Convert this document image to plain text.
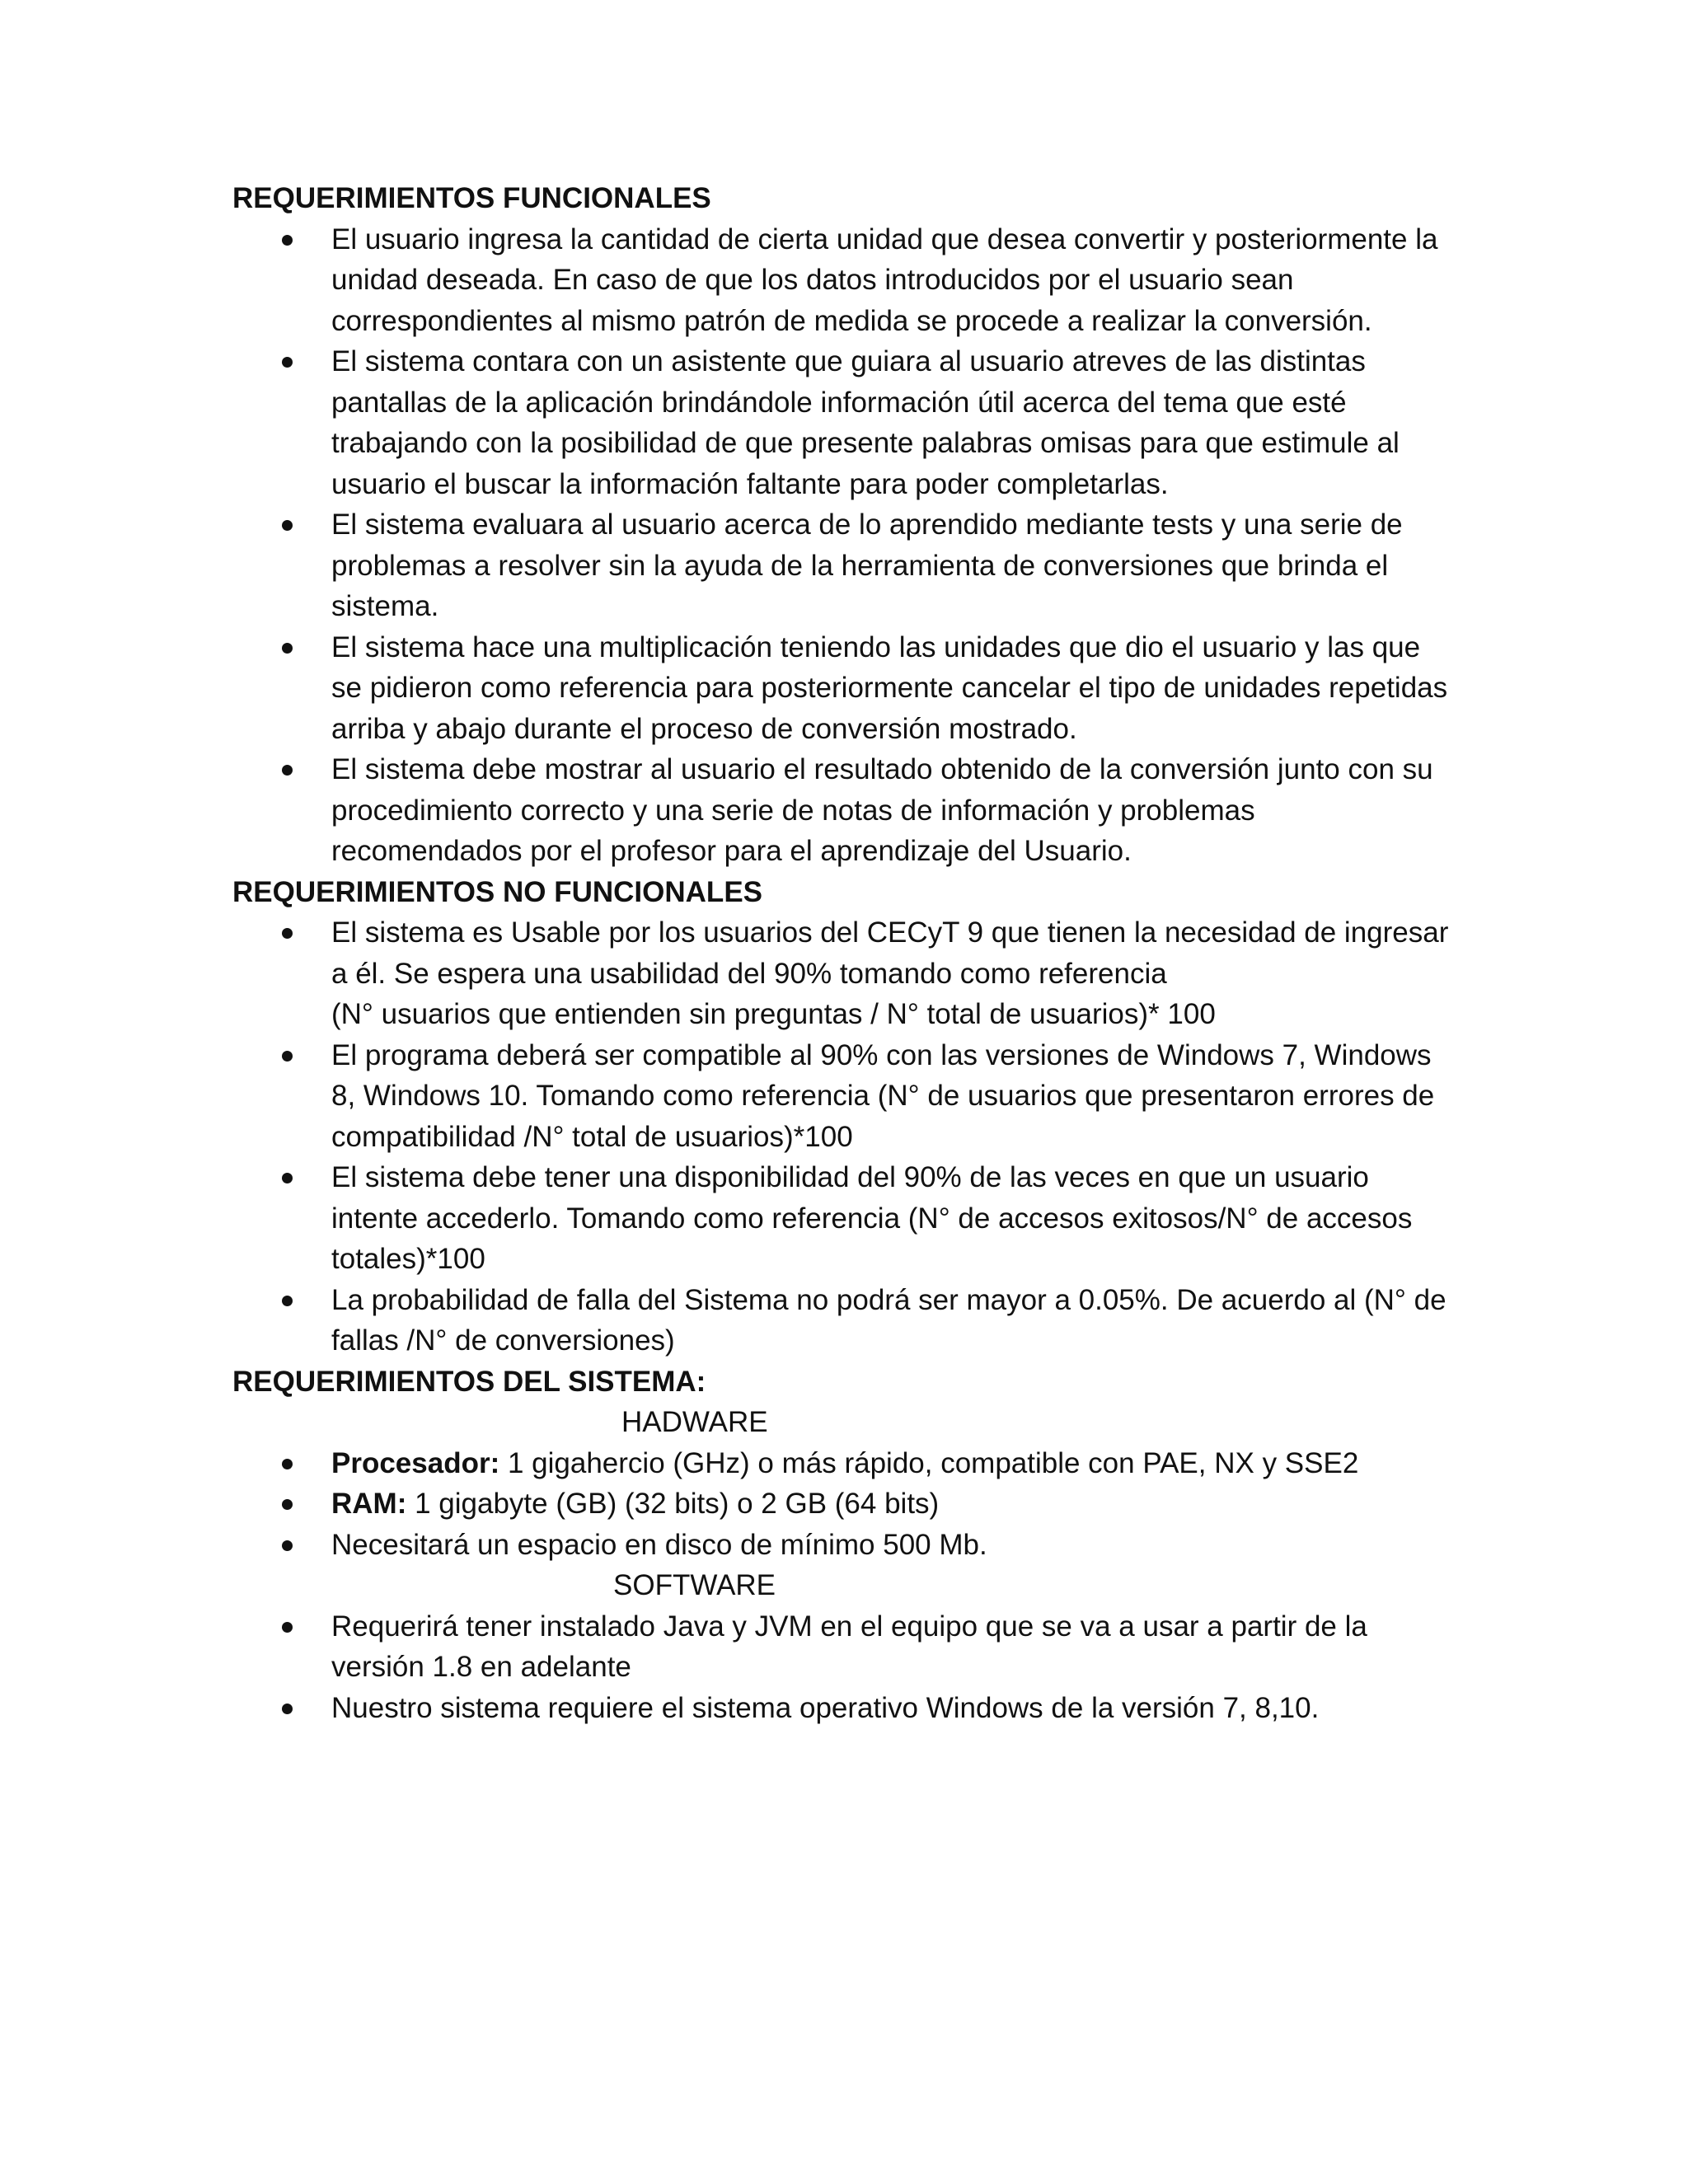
REQUERIMIENTOS FUNCIONALES

El usuario ingresa la cantidad de cierta unidad que desea convertir y posteriormente la unidad deseada. En caso de que los datos introducidos por el usuario sean correspondientes al mismo patrón de medida se procede a realizar la conversión.
El sistema contara con un asistente que guiara al usuario atreves de las distintas pantallas de la aplicación brindándole información útil acerca del tema que esté trabajando con la posibilidad de que presente palabras omisas para que estimule al usuario el buscar la información faltante para poder completarlas.
El sistema evaluara al usuario acerca de lo aprendido mediante tests y una serie de problemas a resolver sin la ayuda de la herramienta de conversiones que brinda el sistema.
El sistema hace una multiplicación teniendo las unidades que dio el usuario y las que se pidieron como referencia para posteriormente cancelar el tipo de unidades repetidas arriba y abajo durante el proceso de conversión mostrado.
El sistema debe mostrar al usuario el resultado obtenido de la conversión junto con su procedimiento correcto y una serie de notas de información y problemas recomendados por el profesor para el aprendizaje del Usuario.

REQUERIMIENTOS NO FUNCIONALES

El sistema es Usable por los usuarios del CECyT 9 que tienen la necesidad de ingresar a él. Se espera una usabilidad del 90% tomando como referencia
(N° usuarios que entienden sin preguntas / N° total de usuarios)* 100
El programa deberá ser compatible al 90% con las versiones de Windows 7, Windows 8, Windows 10. Tomando como referencia (N° de usuarios que presentaron errores de compatibilidad /N° total de usuarios)*100
El sistema debe tener una disponibilidad del 90% de las veces en que un usuario intente accederlo. Tomando como referencia (N° de accesos exitosos/N° de accesos totales)*100
La probabilidad de falla del Sistema no podrá ser mayor a 0.05%. De acuerdo al (N° de fallas /N° de conversiones)

REQUERIMIENTOS DEL SISTEMA:

HADWARE

Procesador: 1 gigahercio (GHz) o más rápido, compatible con PAE, NX y SSE2
RAM: 1 gigabyte (GB) (32 bits) o 2 GB (64 bits)
Necesitará un espacio en disco de mínimo 500 Mb.

SOFTWARE

Requerirá tener instalado Java y JVM en el equipo que se va a usar a partir de la versión 1.8 en adelante
Nuestro sistema requiere el sistema operativo Windows de la versión 7, 8,10.
